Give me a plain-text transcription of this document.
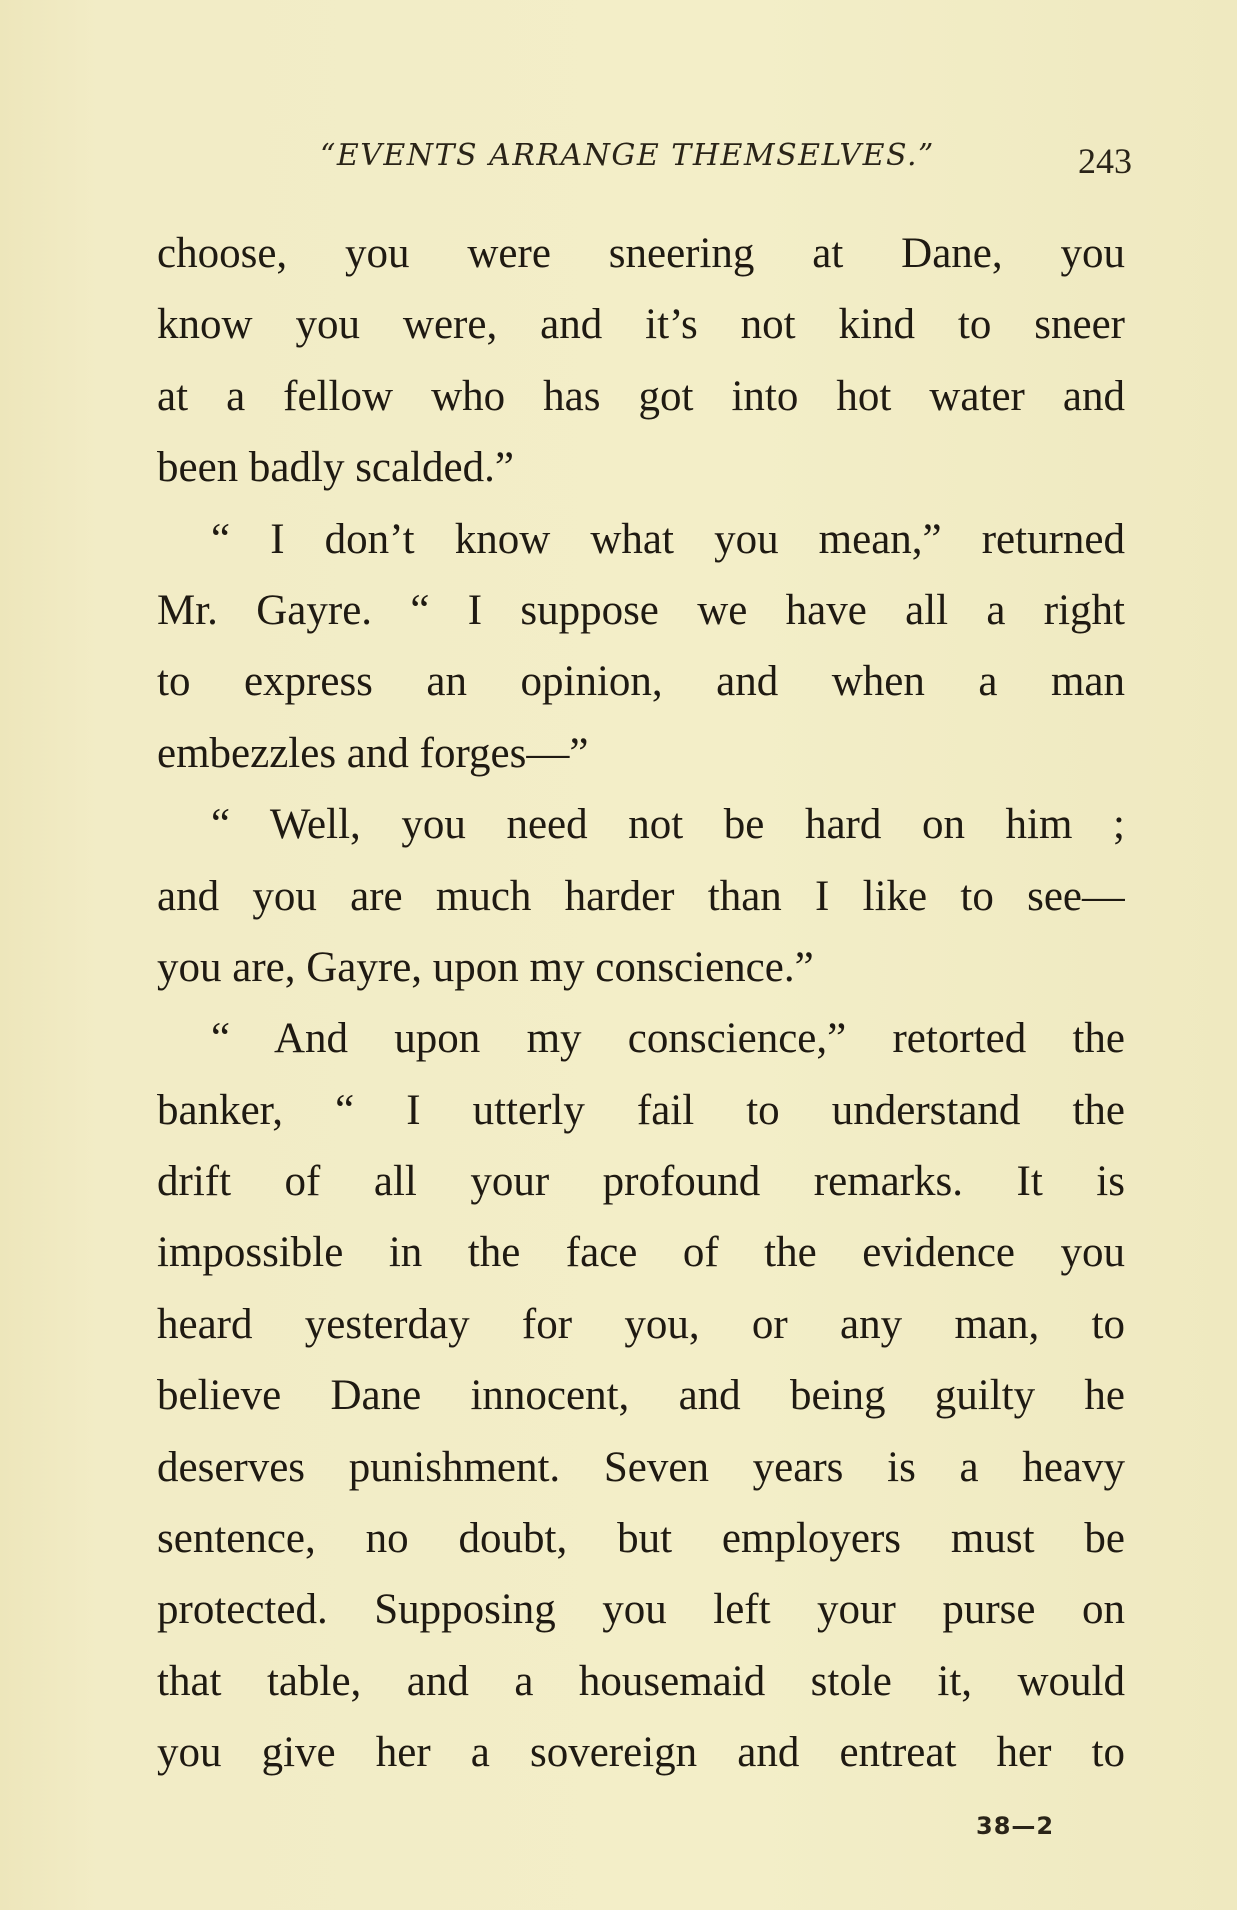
“EVENTS ARRANGE THEMSELVES.”	243
choose, you were sneering at Dane, you
know you were, and it’s not kind to sneer
at a fellow who has got into hot water and
been badly scalded.”
“ I don’t know what you mean,” returned
Mr. Gayre. “ I suppose we have all a right
to express an opinion, and when a man
embezzles and forges—”
“ Well, you need not be hard on him ;
and you are much harder than I like to see—
you are, Gayre, upon my conscience.”
“ And upon my conscience,” retorted the
banker, “ I utterly fail to understand the
drift of all your profound remarks. It is
impossible in the face of the evidence you
heard yesterday for you, or any man, to
believe Dane innocent, and being guilty he
deserves punishment. Seven years is a heavy
sentence, no doubt, but employers must be
protected. Supposing you left your purse on
that table, and a housemaid stole it, would
you give her a sovereign and entreat her to
38—2
